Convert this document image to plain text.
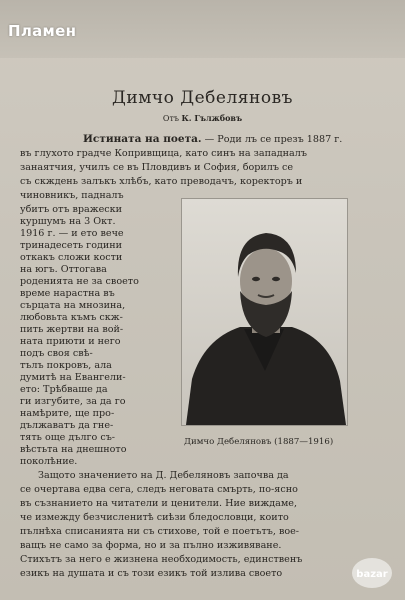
Пламен
Димчо Дебеляновъ
Отъ К. Гължбовъ
Истината на поета. — Роди лъ се презъ 1887 г.
въ глухото градче Копривщица, като синъ на западналъ
занаятчия, училъ се въ Пловдивъ и София, борилъ се
съ скждень залъкъ хлѣбъ, като преводачъ, коректоръ и
чиновникъ, падналъ
убитъ отъ вражески
куршумъ на 3 Окт.
1916 г. — и ето вече
тринадесеть години
откакъ сложи кости
на югъ. Оттогава
роденията не за своето
време нарастна въ
сърцата на мнозина,
любовьта къмъ скж-
пить жертви на вой-
ната приюти и него
подъ своя свѣ-
тълъ покровъ, ала
думитѣ на Евангели-
ето: Трѣбваше да
ги изгубите, за да го
намѣрите, ще про-
дължаватъ да гнe-
тять още дълго съ-
вѣстьта на днешното
поколѣние.
Димчо Дебеляновъ (1887—1916)
Защото значението на Д. Дебеляновъ започва да
се очертава едва сега, следъ неговата смърть, по-ясно
въ съзнанието на читатели и ценители. Ние виждаме,
че измежду безчисленитѣ сиѣзи бледословци, които
пълнѣха списанията ни съ стихове, той е поетътъ, вое-
ващъ не само за форма, но и за пълно изживяване.
Стихътъ за него е жизнена необходимость, единственъ
езикъ на душата и съ този езикъ той излива своето	bazar
